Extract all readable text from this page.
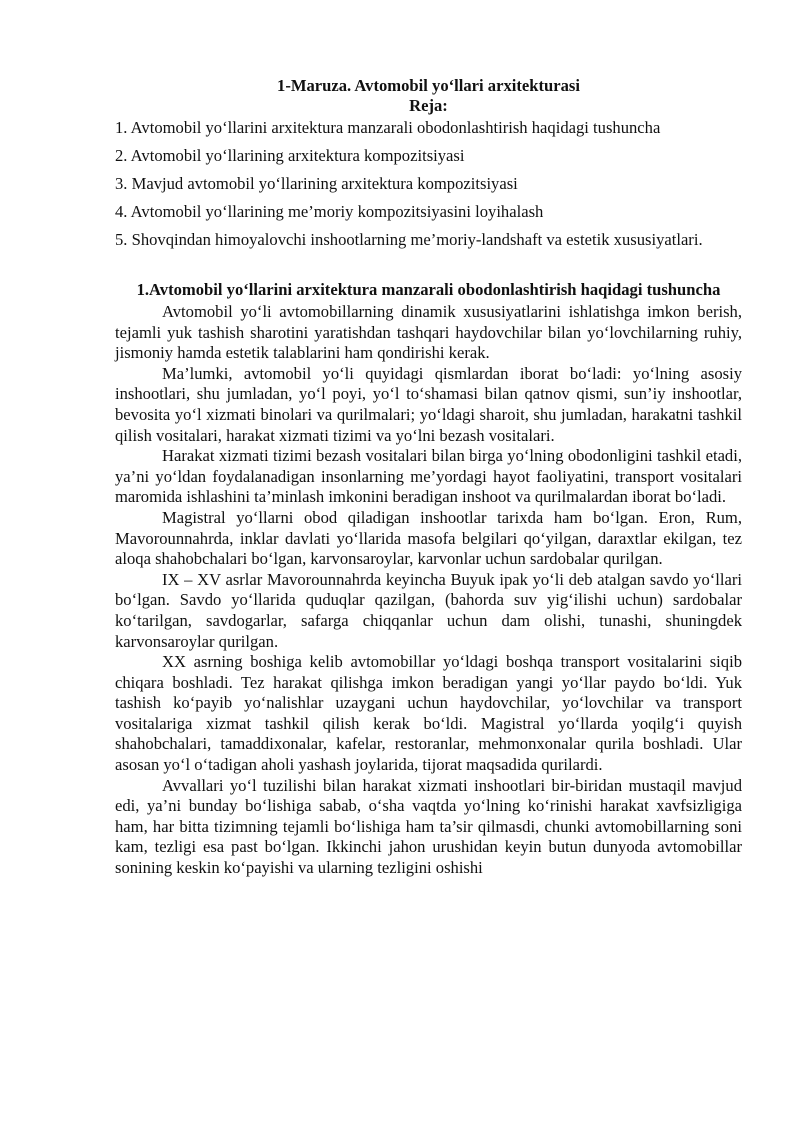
1-Maruza. Avtomobil yo‘llari arxitekturasi

Reja:

1. Avtomobil yo‘llarini arxitektura manzarali obodonlashtirish haqidagi tushuncha

2. Avtomobil yo‘llarining arxitektura kompozitsiyasi

3. Mavjud avtomobil yo‘llarining arxitektura kompozitsiyasi

4. Avtomobil yo‘llarining me’moriy kompozitsiyasini loyihalash

5. Shovqindan himoyalovchi inshootlarning me’moriy-landshaft va estetik xususiyatlari.

1.Avtomobil yo‘llarini arxitektura manzarali obodonlashtirish haqidagi tushuncha

Avtomobil yo‘li avtomobillarning dinamik xususiyatlarini ishlatishga imkon berish, tejamli yuk tashish sharotini yaratishdan tashqari haydovchilar bilan yo‘lovchilarning ruhiy, jismoniy hamda estetik talablarini ham qondirishi kerak.

Ma’lumki, avtomobil yo‘li quyidagi qismlardan iborat bo‘ladi: yo‘lning asosiy inshootlari, shu jumladan, yo‘l poyi, yo‘l to‘shamasi bilan qatnov qismi, sun’iy inshootlar, bevosita yo‘l xizmati binolari va qurilmalari; yo‘ldagi sharoit, shu jumladan, harakatni tashkil qilish vositalari, harakat xizmati tizimi va yo‘lni bezash vositalari.

Harakat xizmati tizimi bezash vositalari bilan birga yo‘lning obodonligini tashkil etadi, ya’ni yo‘ldan foydalanadigan insonlarning me’yordagi hayot faoliyatini, transport vositalari maromida ishlashini ta’minlash imkonini beradigan inshoot va qurilmalardan iborat bo‘ladi.

Magistral yo‘llarni obod qiladigan inshootlar tarixda ham bo‘lgan. Eron, Rum, Mavorounnahrda, inklar davlati yo‘llarida masofa belgilari qo‘yilgan, daraxtlar ekilgan, tez aloqa shahobchalari bo‘lgan, karvonsaroylar, karvonlar uchun sardobalar qurilgan.

IX – XV asrlar Mavorounnahrda keyincha Buyuk ipak yo‘li deb atalgan savdo yo‘llari bo‘lgan. Savdo yo‘llarida quduqlar qazilgan, (bahorda suv yig‘ilishi uchun) sardobalar ko‘tarilgan, savdogarlar, safarga chiqqanlar uchun dam olishi, tunashi, shuningdek karvonsaroylar qurilgan.

XX asrning boshiga kelib avtomobillar yo‘ldagi boshqa transport vositalarini siqib chiqara boshladi. Tez harakat qilishga imkon beradigan yangi yo‘llar paydo bo‘ldi. Yuk tashish ko‘payib yo‘nalishlar uzaygani uchun haydovchilar, yo‘lovchilar va transport vositalariga xizmat tashkil qilish kerak bo‘ldi. Magistral yo‘llarda yoqilg‘i quyish shahobchalari, tamaddixonalar, kafelar, restoranlar, mehmonxonalar qurila boshladi. Ular asosan yo‘l o‘tadigan aholi yashash joylarida, tijorat maqsadida qurilardi.

Avvallari yo‘l tuzilishi bilan harakat xizmati inshootlari bir-biridan mustaqil mavjud edi, ya’ni bunday bo‘lishiga sabab, o‘sha vaqtda yo‘lning ko‘rinishi harakat xavfsizligiga ham, har bitta tizimning tejamli bo‘lishiga ham ta’sir qilmasdi, chunki avtomobillarning soni kam, tezligi esa past bo‘lgan. Ikkinchi jahon urushidan keyin butun dunyoda avtomobillar sonining keskin ko‘payishi va ularning tezligini oshishi
